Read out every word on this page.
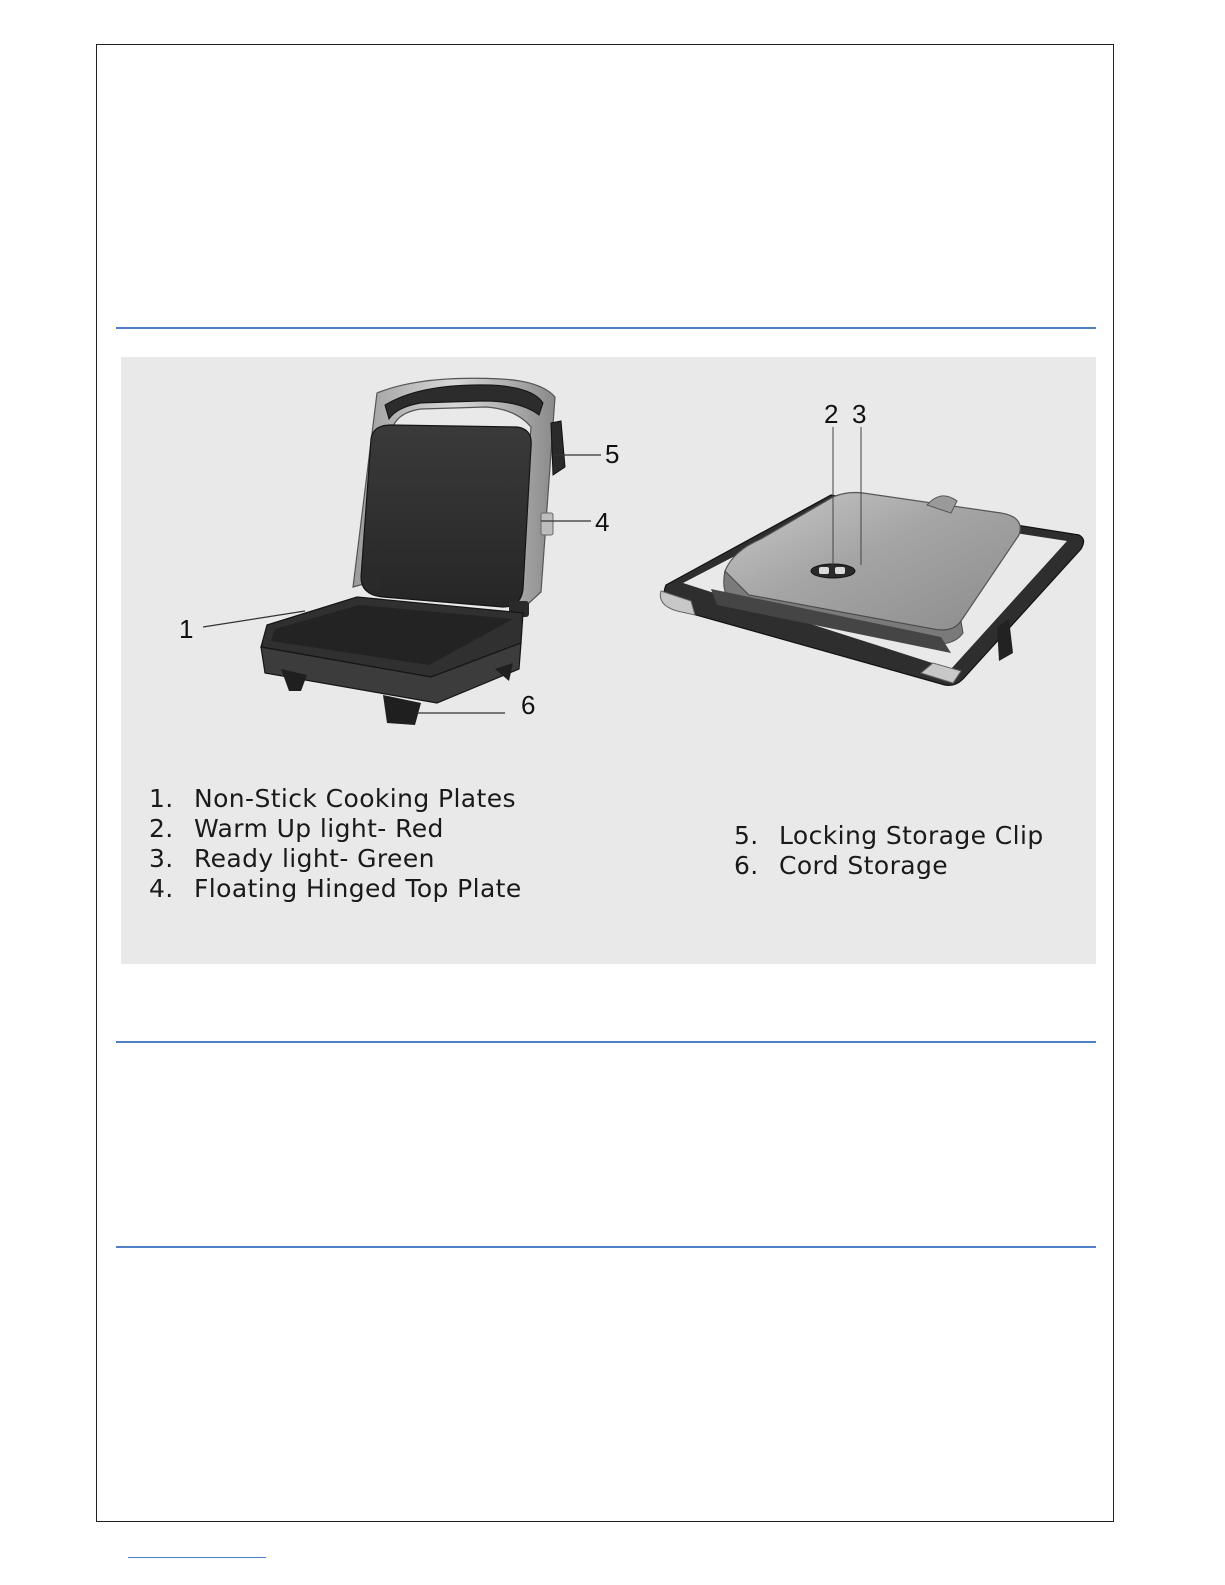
1
5
4
6
2 3
1. Non-Stick Cooking Plates
2. Warm Up light- Red
3. Ready light- Green
4. Floating Hinged Top Plate
5. Locking Storage Clip
6. Cord Storage
